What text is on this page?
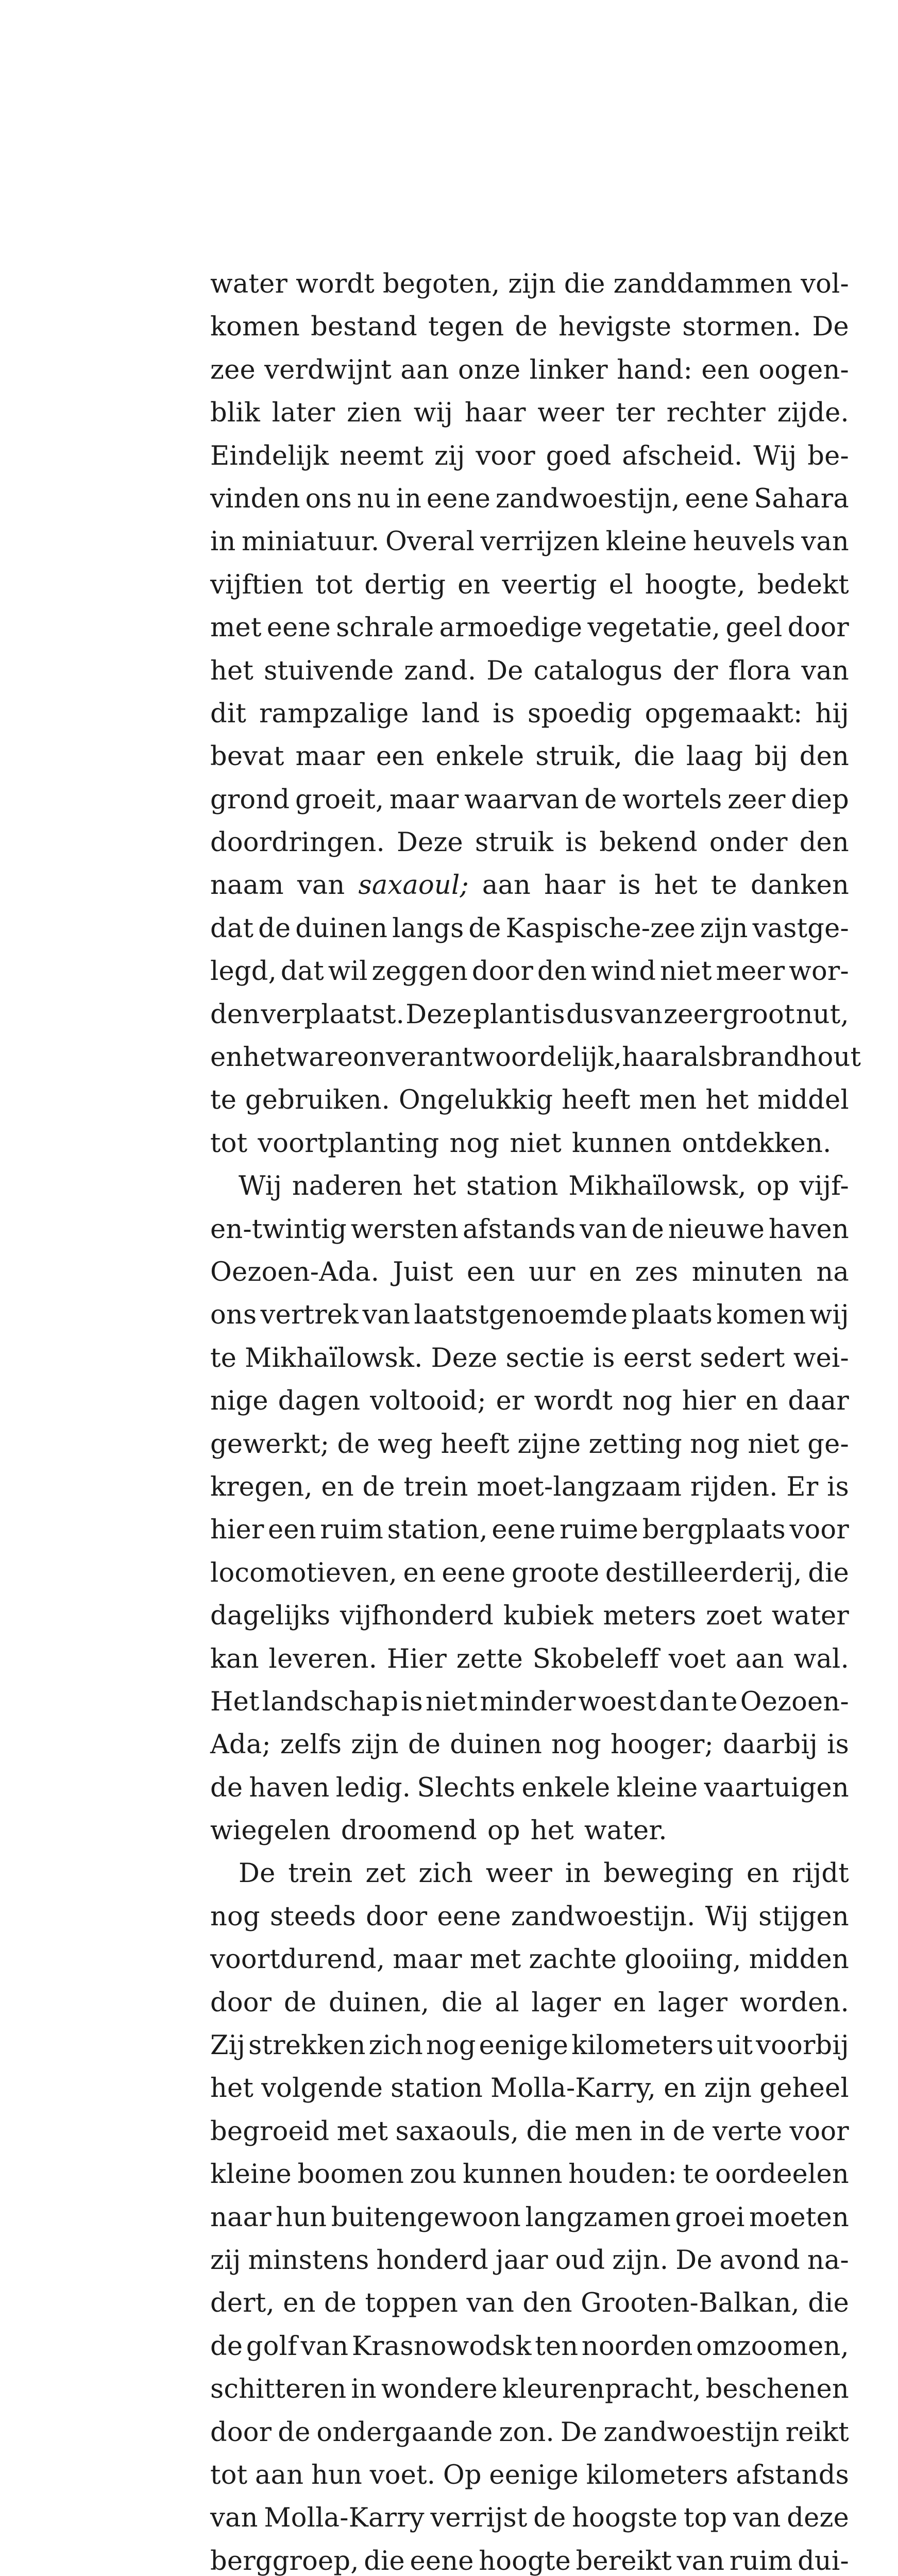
water wordt begoten, zijn die zanddammen vol-
komen bestand tegen de hevigste stormen. De
zee verdwijnt aan onze linker hand: een oogen-
blik later zien wij haar weer ter rechter zijde.
Eindelijk neemt zij voor goed afscheid. Wij be-
vinden ons nu in eene zandwoestijn, eene Sahara
in miniatuur. Overal verrijzen kleine heuvels van
vijftien tot dertig en veertig el hoogte, bedekt
met eene schrale armoedige vegetatie, geel door
het stuivende zand. De catalogus der flora van
dit rampzalige land is spoedig opgemaakt: hij
bevat maar een enkele struik, die laag bij den
grond groeit, maar waarvan de wortels zeer diep
doordringen. Deze struik is bekend onder den
naam van saxaoul; aan haar is het te danken
dat de duinen langs de Kaspische-zee zijn vastge-
legd, dat wil zeggen door den wind niet meer wor-
den verplaatst. Deze plant is dus van zeer groot nut,
en het ware onverantwoordelijk, haar als brandhout
te gebruiken. Ongelukkig heeft men het middel
tot voortplanting nog niet kunnen ontdekken.
Wij naderen het station Mikhaïlowsk, op vijf-
en-twintig wersten afstands van de nieuwe haven
Oezoen-Ada. Juist een uur en zes minuten na
ons vertrek van laatstgenoemde plaats komen wij
te Mikhaïlowsk. Deze sectie is eerst sedert wei-
nige dagen voltooid; er wordt nog hier en daar
gewerkt; de weg heeft zijne zetting nog niet ge-
kregen, en de trein moet-langzaam rijden. Er is
hier een ruim station, eene ruime bergplaats voor
locomotieven, en eene groote destilleerderij, die
dagelijks vijfhonderd kubiek meters zoet water
kan leveren. Hier zette Skobeleff voet aan wal.
Het landschap is niet minder woest dan te Oezoen-
Ada; zelfs zijn de duinen nog hooger; daarbij is
de haven ledig. Slechts enkele kleine vaartuigen
wiegelen droomend op het water.
De trein zet zich weer in beweging en rijdt
nog steeds door eene zandwoestijn. Wij stijgen
voortdurend, maar met zachte glooiing, midden
door de duinen, die al lager en lager worden.
Zij strekken zich nog eenige kilometers uit voorbij
het volgende station Molla-Karry, en zijn geheel
begroeid met saxaouls, die men in de verte voor
kleine boomen zou kunnen houden: te oordeelen
naar hun buitengewoon langzamen groei moeten
zij minstens honderd jaar oud zijn. De avond na-
dert, en de toppen van den Grooten-Balkan, die
de golf van Krasnowodsk ten noorden omzoomen,
schitteren in wondere kleurenpracht, beschenen
door de ondergaande zon. De zandwoestijn reikt
tot aan hun voet. Op eenige kilometers afstands
van Molla-Karry verrijst de hoogste top van deze
berggroep, die eene hoogte bereikt van ruim dui-
